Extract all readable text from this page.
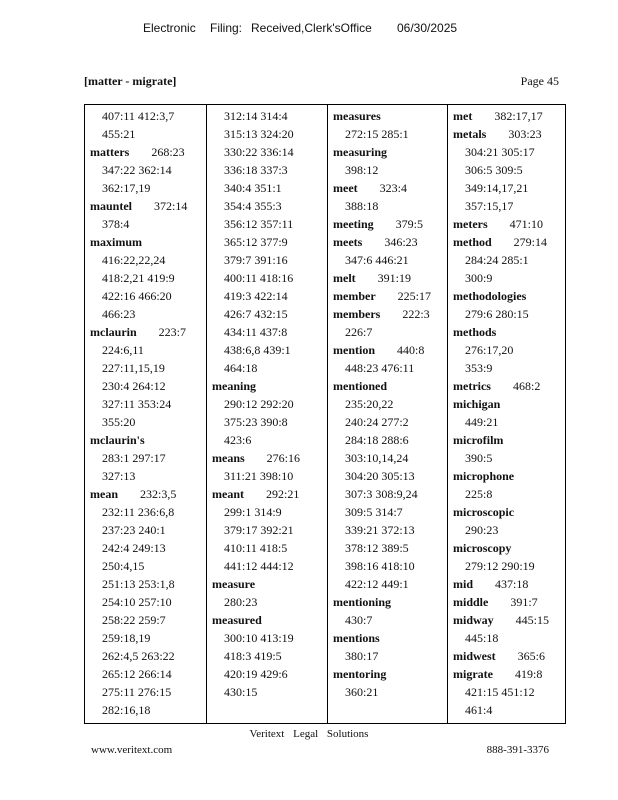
Electronic Filing: Received,Clerk'sOffice 06/30/2025
[matter - migrate]	Page 45
407:11 412:3,7
455:21
matters 268:23
347:22 362:14
362:17,19
mauntel 372:14
378:4
maximum
416:22,22,24
418:2,21 419:9
422:16 466:20
466:23
mclaurin 223:7
224:6,11
227:11,15,19
230:4 264:12
327:11 353:24
355:20
mclaurin's
283:1 297:17
327:13
mean 232:3,5
232:11 236:6,8
237:23 240:1
242:4 249:13
250:4,15
251:13 253:1,8
254:10 257:10
258:22 259:7
259:18,19
262:4,5 263:22
265:12 266:14
275:11 276:15
282:16,18
312:14 314:4
315:13 324:20
330:22 336:14
336:18 337:3
340:4 351:1
354:4 355:3
356:12 357:11
365:12 377:9
379:7 391:16
400:11 418:16
419:3 422:14
426:7 432:15
434:11 437:8
438:6,8 439:1
464:18
meaning
290:12 292:20
375:23 390:8
423:6
means 276:16
311:21 398:10
meant 292:21
299:1 314:9
379:17 392:21
410:11 418:5
441:12 444:12
measure
280:23
measured
300:10 413:19
418:3 419:5
420:19 429:6
430:15
measures
272:15 285:1
measuring
398:12
meet 323:4
388:18
meeting 379:5
meets 346:23
347:6 446:21
melt 391:19
member 225:17
members 222:3
226:7
mention 440:8
448:23 476:11
mentioned
235:20,22
240:24 277:2
284:18 288:6
303:10,14,24
304:20 305:13
307:3 308:9,24
309:5 314:7
339:21 372:13
378:12 389:5
398:16 418:10
422:12 449:1
mentioning
430:7
mentions
380:17
mentoring
360:21
met 382:17,17
metals 303:23
304:21 305:17
306:5 309:5
349:14,17,21
357:15,17
meters 471:10
method 279:14
284:24 285:1
300:9
methodologies
279:6 280:15
methods
276:17,20
353:9
metrics 468:2
michigan
449:21
microfilm
390:5
microphone
225:8
microscopic
290:23
microscopy
279:12 290:19
mid 437:18
middle 391:7
midway 445:15
445:18
midwest 365:6
migrate 419:8
421:15 451:12
461:4
Veritext Legal Solutions
www.veritext.com	888-391-3376
